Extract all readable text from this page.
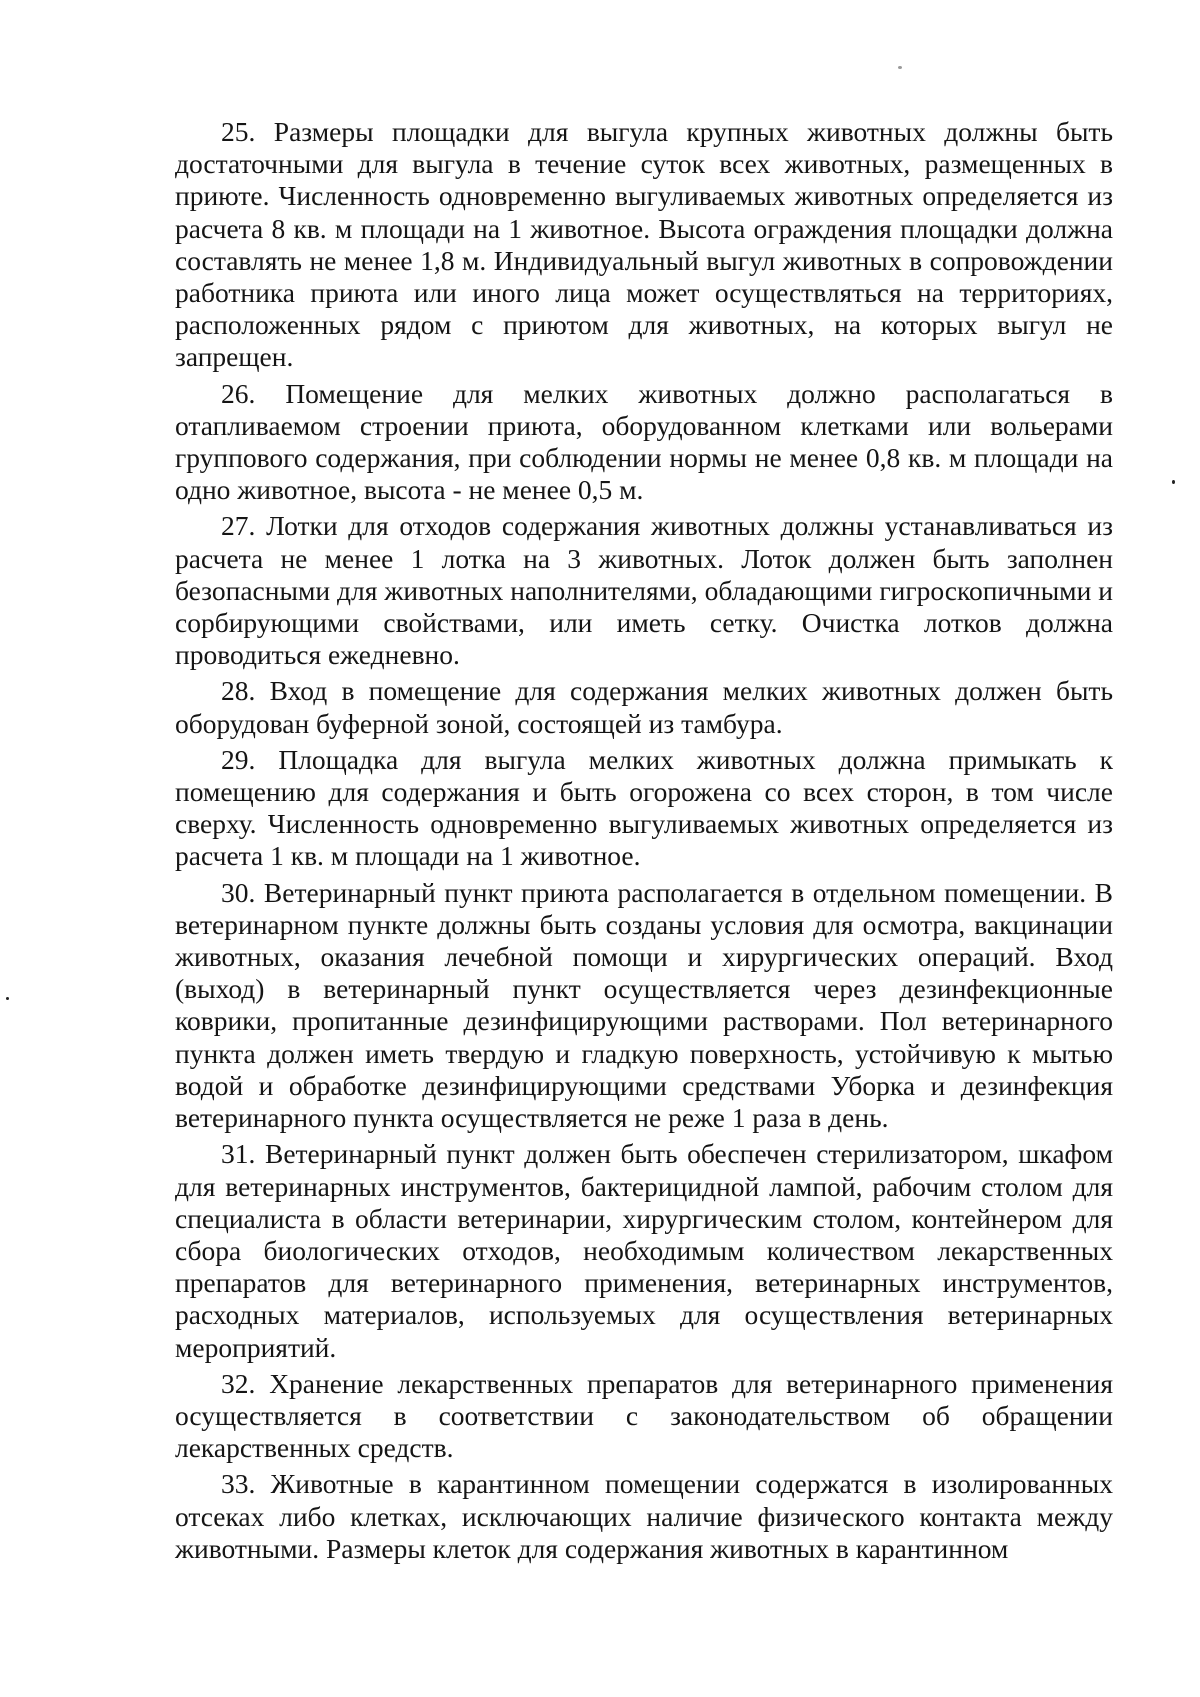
25. Размеры площадки для выгула крупных животных должны быть достаточными для выгула в течение суток всех животных, размещенных в приюте. Численность одновременно выгуливаемых животных определяется из расчета 8 кв. м площади на 1 животное. Высота ограждения площадки должна составлять не менее 1,8 м. Индивидуальный выгул животных в сопровождении работника приюта или иного лица может осуществляться на территориях, расположенных рядом с приютом для животных, на которых выгул не запрещен.

26. Помещение для мелких животных должно располагаться в отапливаемом строении приюта, оборудованном клетками или вольерами группового содержания, при соблюдении нормы не менее 0,8 кв. м площади на одно животное, высота - не менее 0,5 м.

27. Лотки для отходов содержания животных должны устанавливаться из расчета не менее 1 лотка на 3 животных. Лоток должен быть заполнен безопасными для животных наполнителями, обладающими гигроскопичными и сорбирующими свойствами, или иметь сетку. Очистка лотков должна проводиться ежедневно.

28. Вход в помещение для содержания мелких животных должен быть оборудован буферной зоной, состоящей из тамбура.

29. Площадка для выгула мелких животных должна примыкать к помещению для содержания и быть огорожена со всех сторон, в том числе сверху. Численность одновременно выгуливаемых животных определяется из расчета 1 кв. м площади на 1 животное.

30. Ветеринарный пункт приюта располагается в отдельном помещении. В ветеринарном пункте должны быть созданы условия для осмотра, вакцинации животных, оказания лечебной помощи и хирургических операций. Вход (выход) в ветеринарный пункт осуществляется через дезинфекционные коврики, пропитанные дезинфицирующими растворами. Пол ветеринарного пункта должен иметь твердую и гладкую поверхность, устойчивую к мытью водой и обработке дезинфицирующими средствами Уборка и дезинфекция ветеринарного пункта осуществляется не реже 1 раза в день.

31. Ветеринарный пункт должен быть обеспечен стерилизатором, шкафом для ветеринарных инструментов, бактерицидной лампой, рабочим столом для специалиста в области ветеринарии, хирургическим столом, контейнером для сбора биологических отходов, необходимым количеством лекарственных препаратов для ветеринарного применения, ветеринарных инструментов, расходных материалов, используемых для осуществления ветеринарных мероприятий.

32. Хранение лекарственных препаратов для ветеринарного применения осуществляется в соответствии с законодательством об обращении лекарственных средств.

33. Животные в карантинном помещении содержатся в изолированных отсеках либо клетках, исключающих наличие физического контакта между животными. Размеры клеток для содержания животных в карантинном
